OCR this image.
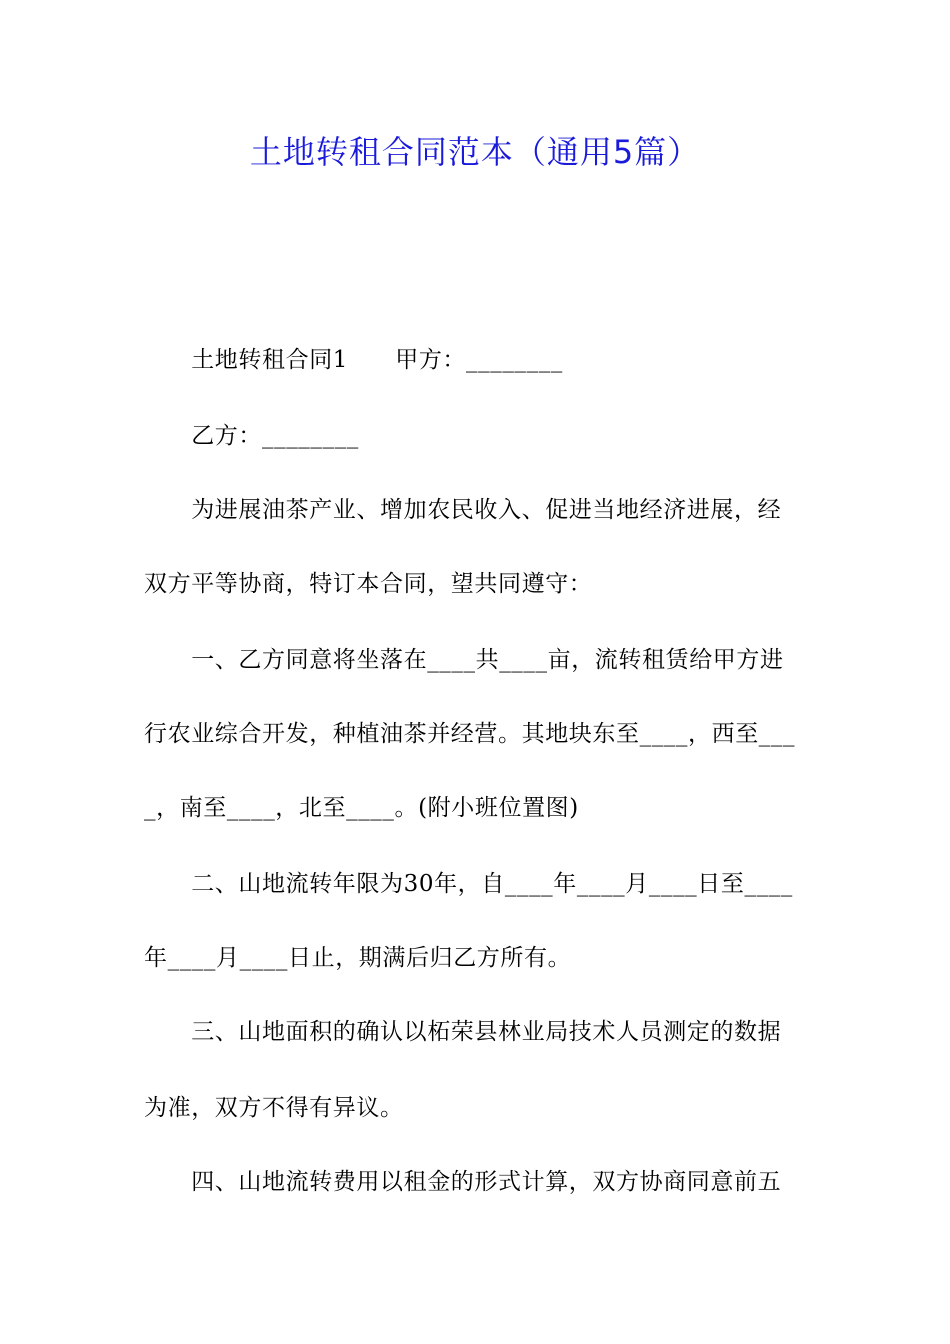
土地转租合同范本（通用5篇）
　　土地转租合同1　　甲方：________
　　乙方：________
　　为进展油茶产业、增加农民收入、促进当地经济进展，经
双方平等协商，特订本合同，望共同遵守：
　　一、乙方同意将坐落在____共____亩，流转租赁给甲方进
行农业综合开发，种植油茶并经营。其地块东至____，西至___
_，南至____，北至____。(附小班位置图)
　　二、山地流转年限为30年，自____年____月____日至____
年____月____日止，期满后归乙方所有。
　　三、山地面积的确认以柘荣县林业局技术人员测定的数据
为准，双方不得有异议。
　　四、山地流转费用以租金的形式计算，双方协商同意前五
